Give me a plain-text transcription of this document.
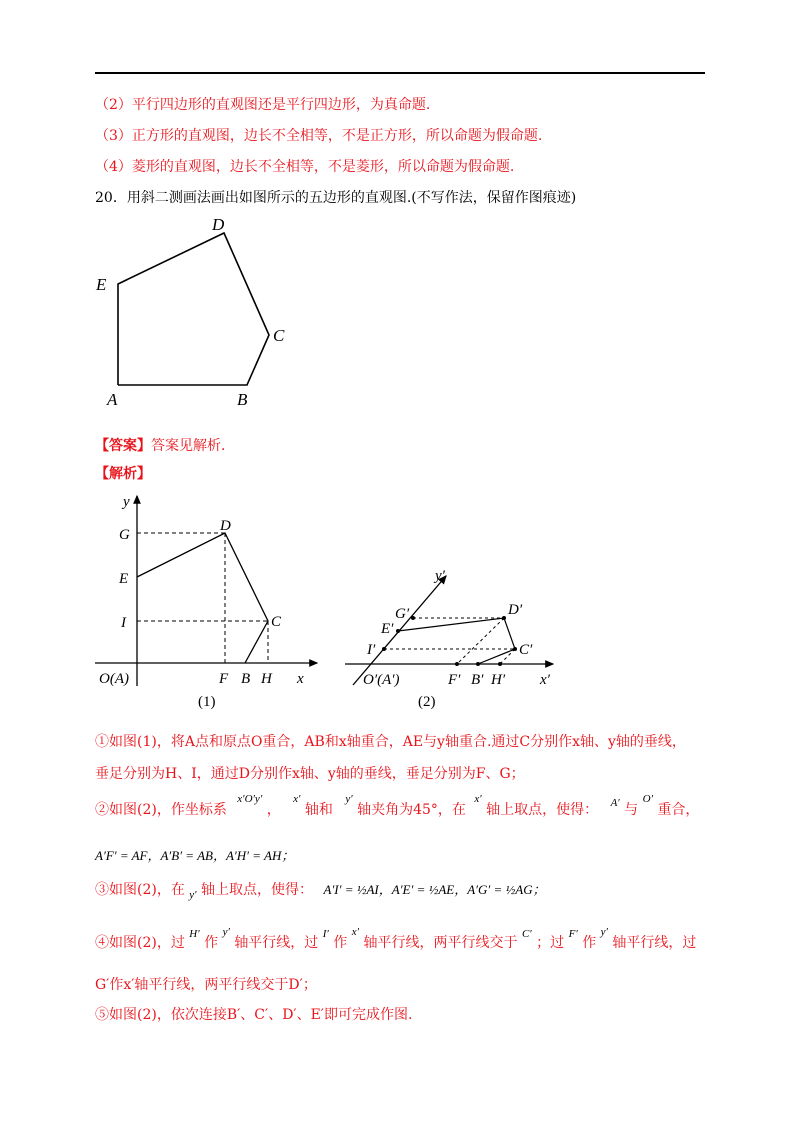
（2）平行四边形的直观图还是平行四边形，为真命题.
（3）正方形的直观图，边长不全相等，不是正方形，所以命题为假命题.
（4）菱形的直观图，边长不全相等，不是菱形，所以命题为假命题.
20．用斜二测画法画出如图所示的五边形的直观图.(不写作法，保留作图痕迹)
D
E
C
A	B
【答案】答案见解析．
【解析】
y
G
D
E
I	C
O(A)	F B H x
(1)
y′
G′	D′
E′
I′	C′
O′(A′)	F′ B′ H′ x′
(2)
①如图(1)，将A点和原点O重合，AB和x轴重合，AE与y轴重合.通过C分别作x轴、y轴的垂线，
垂足分别为H、I，通过D分别作x轴、y轴的垂线，垂足分别为F、G；
②如图(2)，作坐标系 $^{x'O'y'}$ ， $^{x'}$ 轴和 $^{y'}$ 轴夹角为45°，在 $^{x'}$ 轴上取点，使得： $^{A'}$ 与 $^{O'}$ 重合，
A′F′ = AF，A′B′ = AB，A′H′ = AH；
③如图(2)，在 $_{y'}$ 轴上取点，使得： A′I′ = ½AI，A′E′ = ½AE，A′G′ = ½AG；
④如图(2)，过 $^{H'}$ 作 $^{y'}$ 轴平行线，过 $^{I'}$ 作 $^{x'}$ 轴平行线，两平行线交于 $^{C'}$ ；过 $^{F'}$ 作 $^{y'}$ 轴平行线，过
G′作x′轴平行线，两平行线交于D′；
⑤如图(2)，依次连接B′、C′、D′、E′即可完成作图.
